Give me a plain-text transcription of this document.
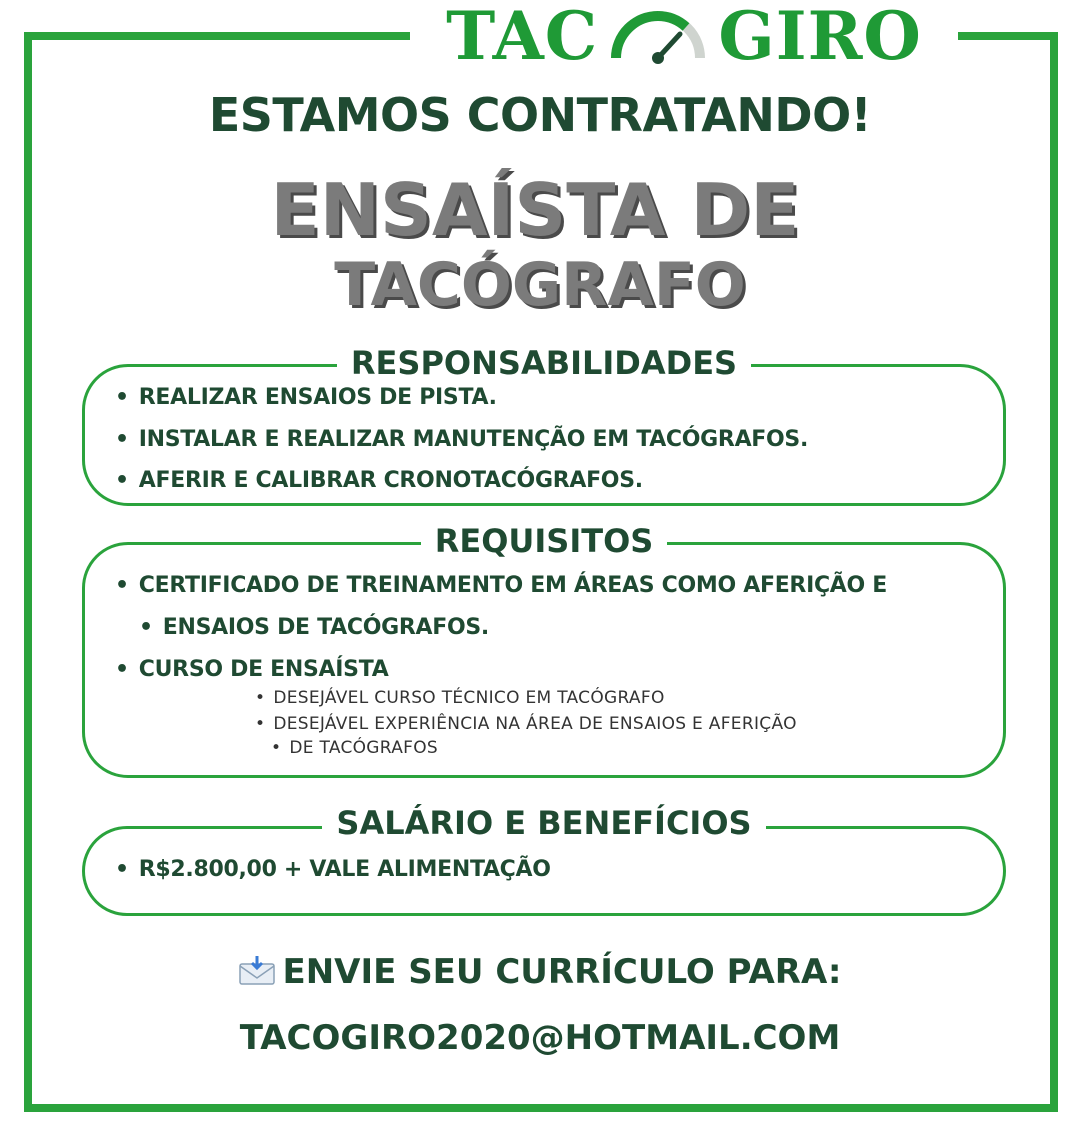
TAC GIRO
ESTAMOS CONTRATANDO!
ENSAÍSTA DE
TACÓGRAFO
RESPONSABILIDADES
• REALIZAR ENSAIOS DE PISTA.
• INSTALAR E REALIZAR MANUTENÇÃO EM TACÓGRAFOS.
• AFERIR E CALIBRAR CRONOTACÓGRAFOS.
REQUISITOS
• CERTIFICADO DE TREINAMENTO EM ÁREAS COMO AFERIÇÃO E
• ENSAIOS DE TACÓGRAFOS.
• CURSO DE ENSAÍSTA
• DESEJÁVEL CURSO TÉCNICO EM TACÓGRAFO
• DESEJÁVEL EXPERIÊNCIA NA ÁREA DE ENSAIOS E AFERIÇÃO
• DE TACÓGRAFOS
SALÁRIO E BENEFÍCIOS
• R$2.800,00 + VALE ALIMENTAÇÃO
ENVIE SEU CURRÍCULO PARA:
TACOGIRO2020@HOTMAIL.COM
